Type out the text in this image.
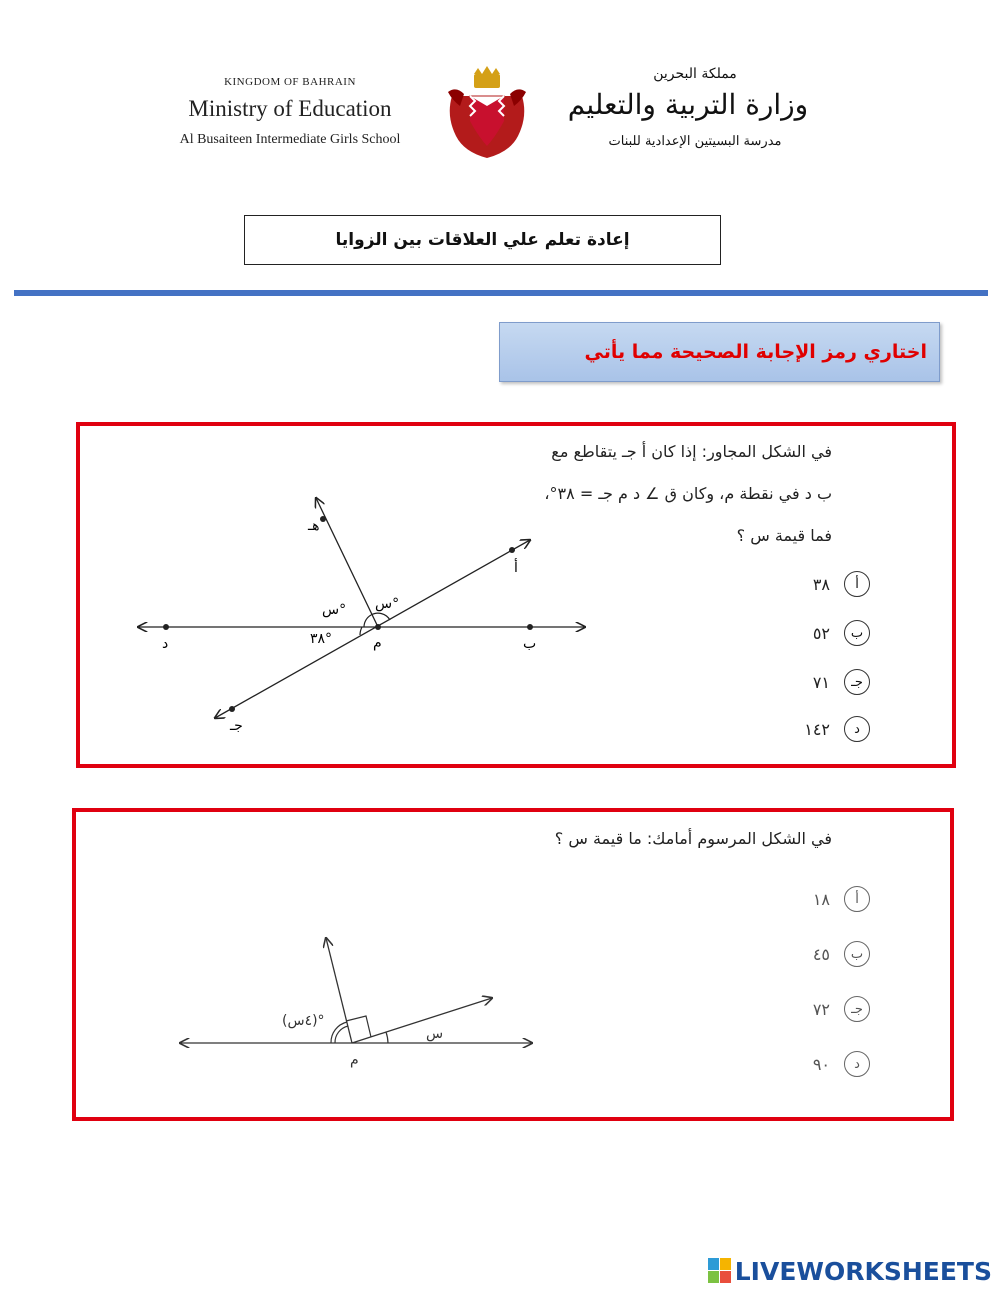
KINGDOM OF BAHRAIN
Ministry of Education
Al Busaiteen Intermediate Girls School
مملكة البحرين
وزارة التربية والتعليم
مدرسة البسيتين الإعدادية للبنات
إعادة تعلم علي العلاقات بين الزوايا
اختاري رمز الإجابة الصحيحة مما يأتي
في الشكل المجاور: إذا كان أ جـ يتقاطع مع
ب د في نقطة م، وكان ق ∠ د م جـ = ٣٨°،
فما قيمة س ؟
٣٨	أ
٥٢	ب
٧١	جـ
١٤٢	د
هـ
أ
ب
د	م
جـ
س° س°
٣٨°
في الشكل المرسوم أمامك: ما قيمة س ؟
١٨	أ
٤٥	ب
٧٢	جـ
٩٠	د
م
(٤س)°
س
LIVEWORKSHEETS
